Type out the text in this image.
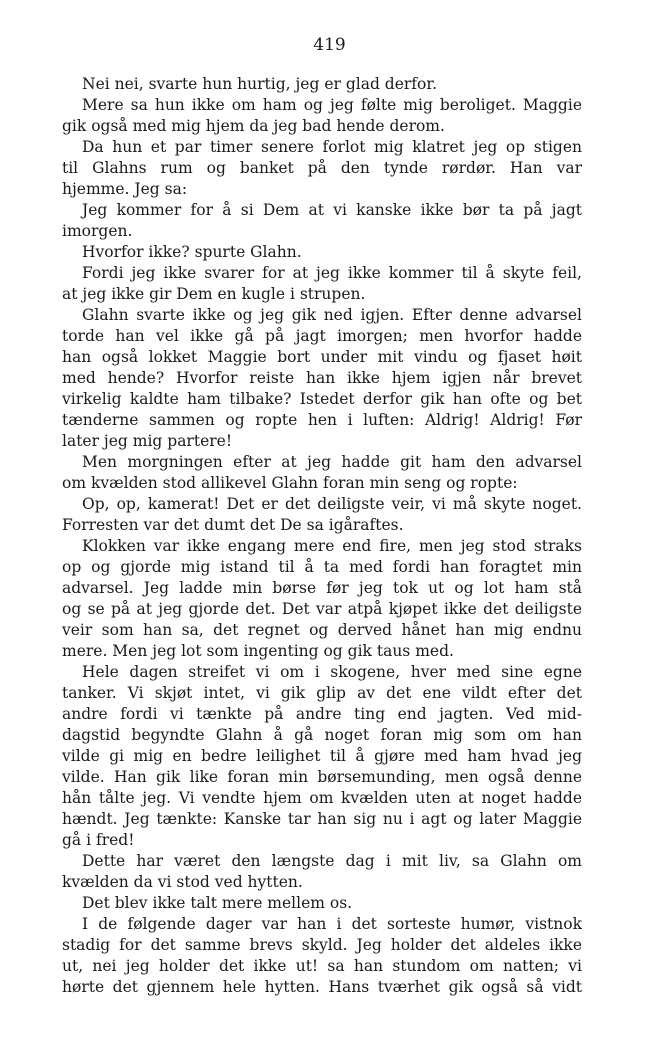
419
Nei nei, svarte hun hurtig, jeg er glad derfor.
Mere sa hun ikke om ham og jeg følte mig beroliget. Maggie
gik også med mig hjem da jeg bad hende derom.
Da hun et par timer senere forlot mig klatret jeg op stigen
til Glahns rum og banket på den tynde rørdør. Han var
hjemme. Jeg sa:
Jeg kommer for å si Dem at vi kanske ikke bør ta på jagt
imorgen.
Hvorfor ikke? spurte Glahn.
Fordi jeg ikke svarer for at jeg ikke kommer til å skyte feil,
at jeg ikke gir Dem en kugle i strupen.
Glahn svarte ikke og jeg gik ned igjen. Efter denne advarsel
torde han vel ikke gå på jagt imorgen; men hvorfor hadde
han også lokket Maggie bort under mit vindu og fjaset høit
med hende? Hvorfor reiste han ikke hjem igjen når brevet
virkelig kaldte ham tilbake? Istedet derfor gik han ofte og bet
tænderne sammen og ropte hen i luften: Aldrig! Aldrig! Før
later jeg mig partere!
Men morgningen efter at jeg hadde git ham den advarsel
om kvælden stod allikevel Glahn foran min seng og ropte:
Op, op, kamerat! Det er det deiligste veir, vi må skyte noget.
Forresten var det dumt det De sa igåraftes.
Klokken var ikke engang mere end fire, men jeg stod straks
op og gjorde mig istand til å ta med fordi han foragtet min
advarsel. Jeg ladde min børse før jeg tok ut og lot ham stå
og se på at jeg gjorde det. Det var atpå kjøpet ikke det deiligste
veir som han sa, det regnet og derved hånet han mig endnu
mere. Men jeg lot som ingenting og gik taus med.
Hele dagen streifet vi om i skogene, hver med sine egne
tanker. Vi skjøt intet, vi gik glip av det ene vildt efter det
andre fordi vi tænkte på andre ting end jagten. Ved mid-
dagstid begyndte Glahn å gå noget foran mig som om han
vilde gi mig en bedre leilighet til å gjøre med ham hvad jeg
vilde. Han gik like foran min børsemunding, men også denne
hån tålte jeg. Vi vendte hjem om kvælden uten at noget hadde
hændt. Jeg tænkte: Kanske tar han sig nu i agt og later Maggie
gå i fred!
Dette har været den længste dag i mit liv, sa Glahn om
kvælden da vi stod ved hytten.
Det blev ikke talt mere mellem os.
I de følgende dager var han i det sorteste humør, vistnok
stadig for det samme brevs skyld. Jeg holder det aldeles ikke
ut, nei jeg holder det ikke ut! sa han stundom om natten; vi
hørte det gjennem hele hytten. Hans tværhet gik også så vidt
